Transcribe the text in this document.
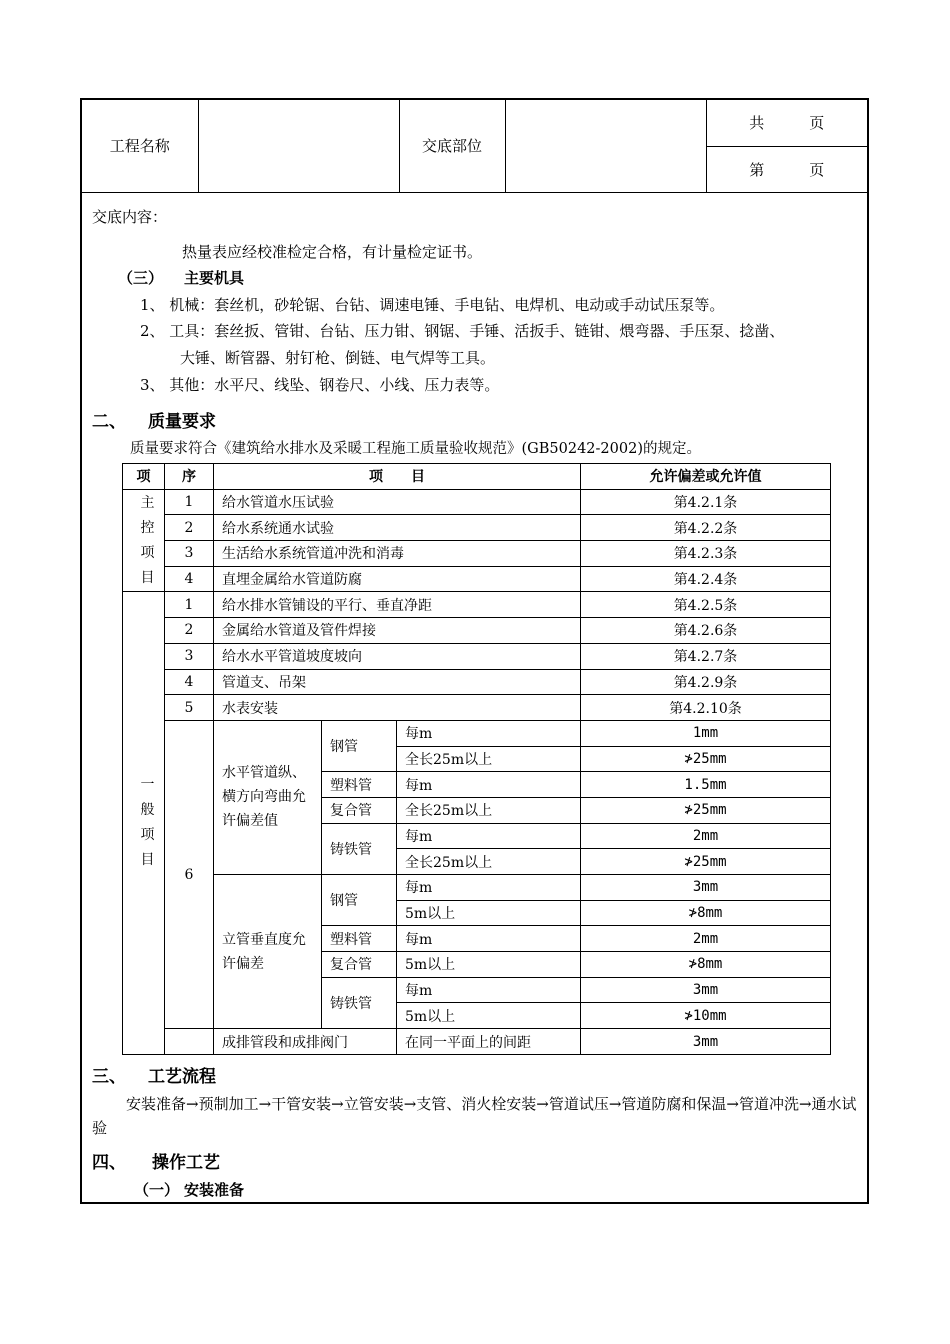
工程名称		交底部位		共　　　页
第　　　页
交底内容：
热量表应经校准检定合格，有计量检定证书。
（三） 主要机具
1、 机械：套丝机，砂轮锯、台钻、调速电锤、手电钻、电焊机、电动或手动试压泵等。
2、 工具：套丝扳、管钳、台钻、压力钳、钢锯、手锤、活扳手、链钳、煨弯器、手压泵、捻凿、
大锤、断管器、射钉枪、倒链、电气焊等工具。
3、 其他：水平尺、线坠、钢卷尺、小线、压力表等。
二、 质量要求
质量要求符合《建筑给水排水及采暖工程施工质量验收规范》(GB50242-2002)的规定。
项	序	项　　目			允许偏差或允许值

主控项目	1	给水管道水压试验			第4.2.1条
	2	给水系统通水试验			第4.2.2条
	3	生活给水系统管道冲洗和消毒			第4.2.3条
	4	直埋金属给水管道防腐			第4.2.4条

一般项目	1	给水排水管铺设的平行、垂直净距			第4.2.5条
	2	金属给水管道及管件焊接			第4.2.6条
	3	给水水平管道坡度坡向			第4.2.7条
	4	管道支、吊架			第4.2.9条
	5	水表安装			第4.2.10条
	6	水平管道纵、横方向弯曲允许偏差值	钢管	每m	1mm
				全长25m以上	≯25mm
			塑料管	每m	1.5mm
			复合管	全长25m以上	≯25mm
			铸铁管	每m	2mm
				全长25m以上	≯25mm
		立管垂直度允许偏差	钢管	每m	3mm
				5m以上	≯8mm
			塑料管	每m	2mm
			复合管	5m以上	≯8mm
			铸铁管	每m	3mm
				5m以上	≯10mm
		成排管段和成排阀门		在同一平面上的间距	3mm
三、 工艺流程
安装准备→预制加工→干管安装→立管安装→支管、消火栓安装→管道试压→管道防腐和保温→管道冲洗→通水试验
四、 操作工艺
（一） 安装准备
